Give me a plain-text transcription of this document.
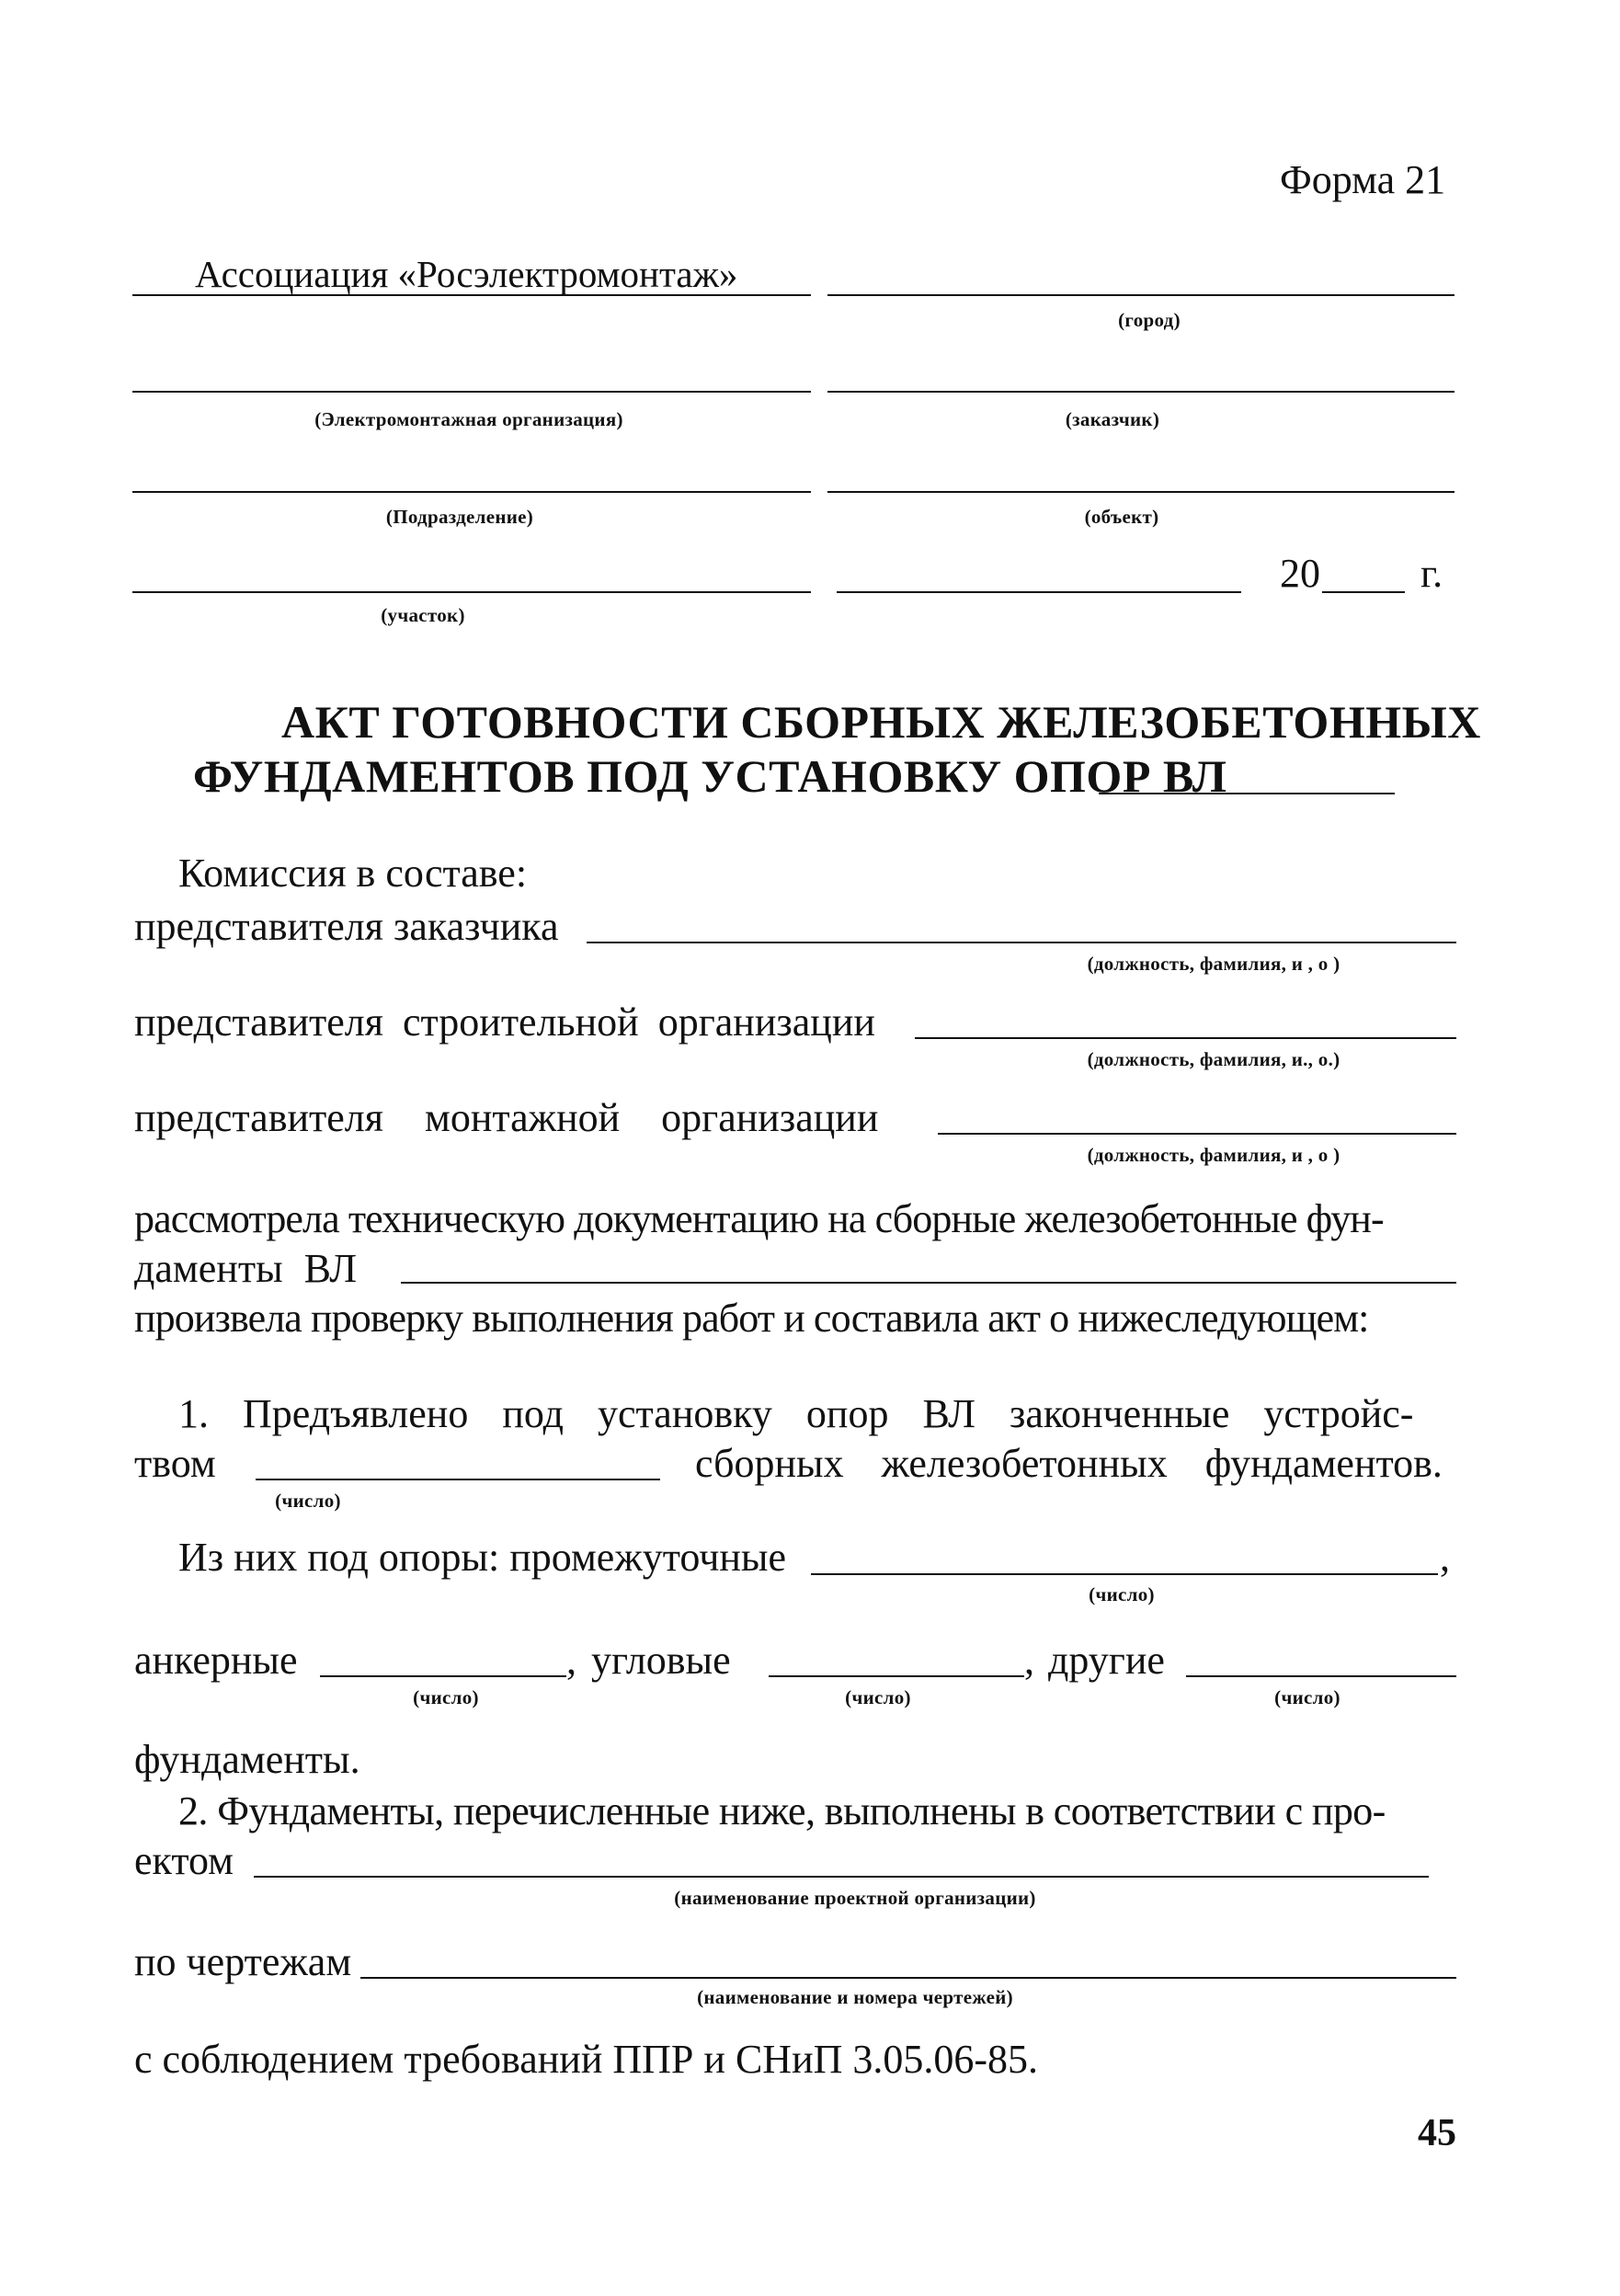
Форма 21
Ассоциация «Росэлектромонтаж»
(город)
(Электромонтажная организация)	(заказчик)
(Подразделение)	(объект)
20 г.
(участок)
АКТ ГОТОВНОСТИ СБОРНЫХ ЖЕЛЕЗОБЕТОННЫХ
ФУНДАМЕНТОВ ПОД УСТАНОВКУ ОПОР ВЛ
Комиссия в составе:
представителя заказчика
(должность, фамилия, и , о )
представителя строительной организации
(должность, фамилия, и., о.)
представителя монтажной организации
(должность, фамилия, и , о )
рассмотрела техническую документацию на сборные железобетонные фун-
даменты ВЛ
произвела проверку выполнения работ и составила акт о нижеследующем:
1. Предъявлено под установку опор ВЛ законченные устройс-
твом	сборных железобетонных фундаментов.
(число)
Из них под опоры: промежуточные	,
(число)
анкерные	, угловые	, другие
(число)	(число)	(число)
фундаменты.
2. Фундаменты, перечисленные ниже, выполнены в соответствии с про-
ектом
(наименование проектной организации)
по чертежам
(наименование и номера чертежей)
с соблюдением требований ППР и СНиП 3.05.06-85.
45
